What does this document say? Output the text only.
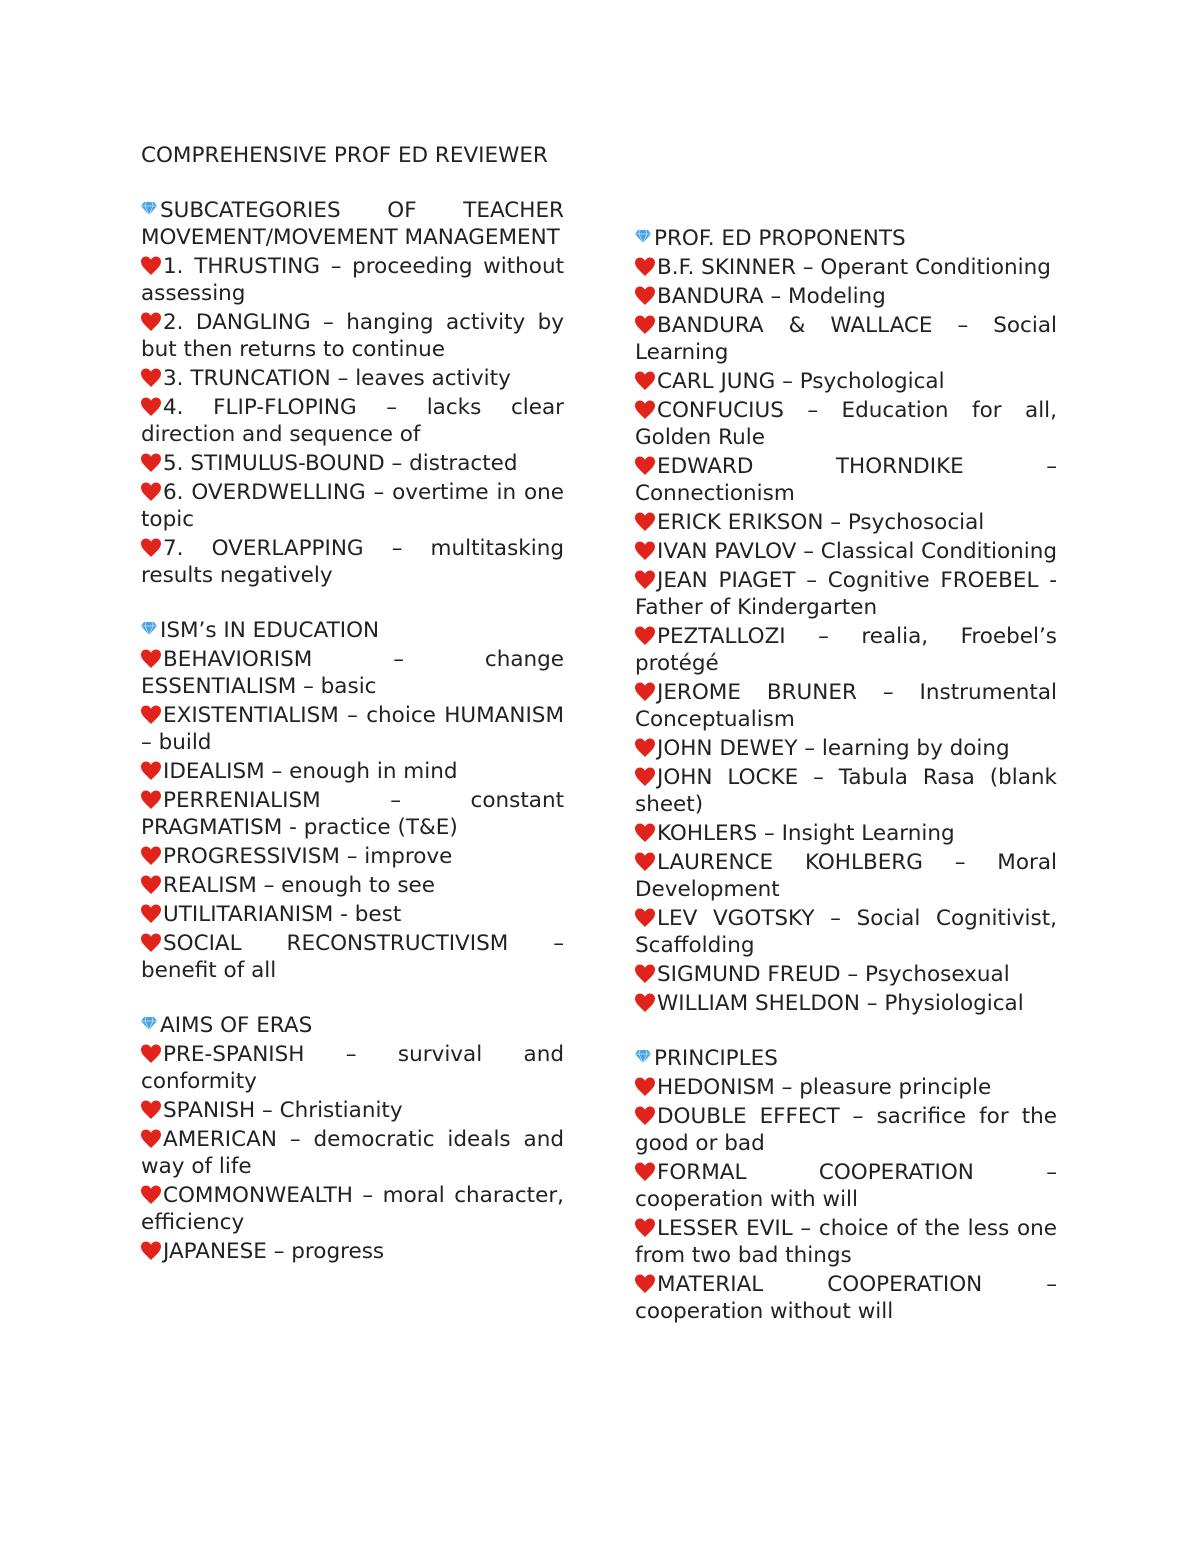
COMPREHENSIVE PROF ED REVIEWER
SUBCATEGORIES OF TEACHER MOVEMENT/MOVEMENT MANAGEMENT
1. THRUSTING – proceeding without assessing
2. DANGLING – hanging activity by but then returns to continue
3. TRUNCATION – leaves activity
4. FLIP-FLOPING – lacks clear direction and sequence of
5. STIMULUS-BOUND – distracted
6. OVERDWELLING – overtime in one topic
7. OVERLAPPING – multitasking results negatively
ISM’s IN EDUCATION
BEHAVIORISM – change ESSENTIALISM – basic
EXISTENTIALISM – choice HUMANISM – build
IDEALISM – enough in mind
PERRENIALISM – constant PRAGMATISM - practice (T&E)
PROGRESSIVISM – improve
REALISM – enough to see
UTILITARIANISM - best
SOCIAL RECONSTRUCTIVISM – benefit of all
AIMS OF ERAS
PRE-SPANISH – survival and conformity
SPANISH – Christianity
AMERICAN – democratic ideals and way of life
COMMONWEALTH – moral character, efficiency
JAPANESE – progress
PROF. ED PROPONENTS
B.F. SKINNER – Operant Conditioning
BANDURA – Modeling
BANDURA & WALLACE – Social Learning
CARL JUNG – Psychological
CONFUCIUS – Education for all, Golden Rule
EDWARD THORNDIKE – Connectionism
ERICK ERIKSON – Psychosocial
IVAN PAVLOV – Classical Conditioning
JEAN PIAGET – Cognitive FROEBEL - Father of Kindergarten
PEZTALLOZI – realia, Froebel’s protégé
JEROME BRUNER – Instrumental Conceptualism
JOHN DEWEY – learning by doing
JOHN LOCKE – Tabula Rasa (blank sheet)
KOHLERS – Insight Learning
LAURENCE KOHLBERG – Moral Development
LEV VGOTSKY – Social Cognitivist, Scaffolding
SIGMUND FREUD – Psychosexual
WILLIAM SHELDON – Physiological
PRINCIPLES
HEDONISM – pleasure principle
DOUBLE EFFECT – sacrifice for the good or bad
FORMAL COOPERATION – cooperation with will
LESSER EVIL – choice of the less one from two bad things
MATERIAL COOPERATION – cooperation without will
